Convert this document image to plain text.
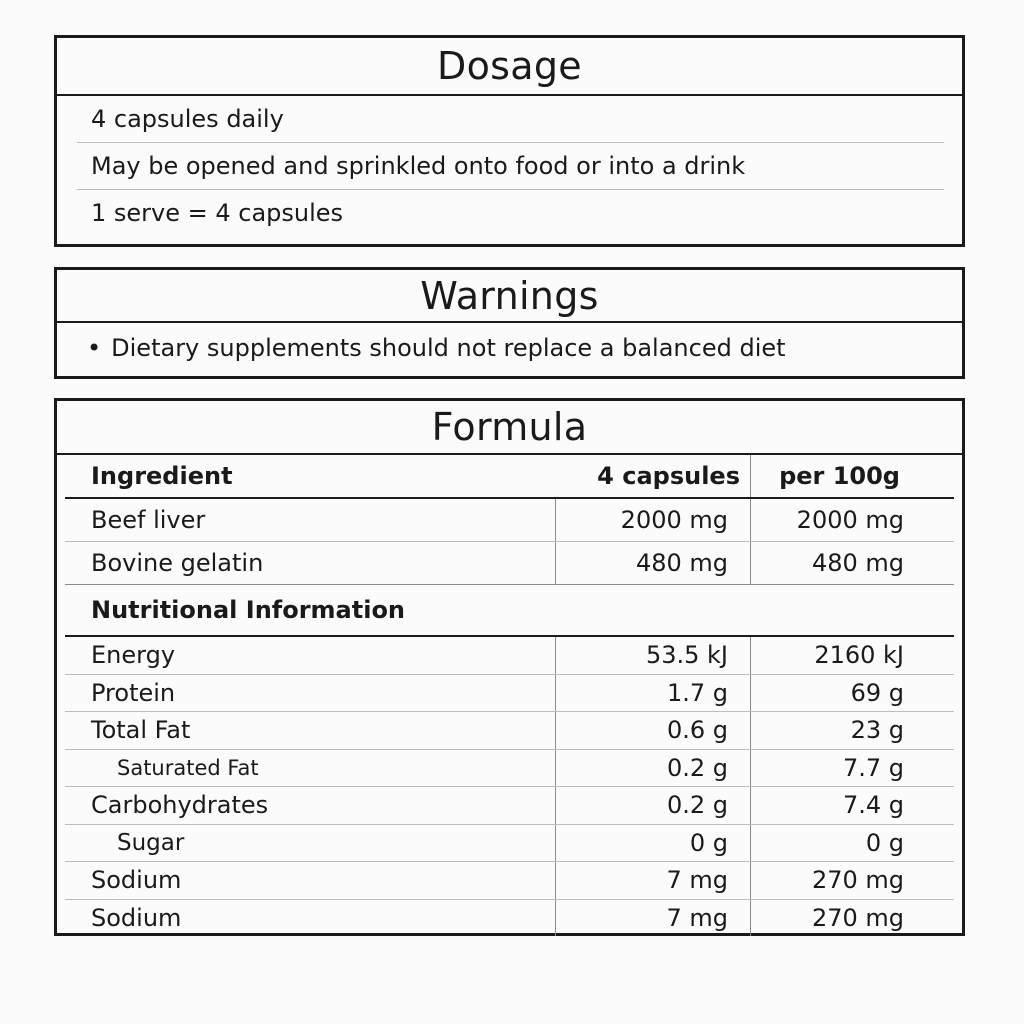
Dosage
4 capsules daily
May be opened and sprinkled onto food or into a drink
1 serve = 4 capsules
Warnings
• Dietary supplements should not replace a balanced diet
Formula
Ingredient	4 capsules	per 100g
Beef liver	2000 mg	2000 mg
Bovine gelatin	480 mg	480 mg
Nutritional Information
Energy	53.5 kJ	2160 kJ
Protein	1.7 g	69 g
Total Fat	0.6 g	23 g
Saturated Fat	0.2 g	7.7 g
Carbohydrates	0.2 g	7.4 g
Sugar	0 g	0 g
Sodium	7 mg	270 mg
Sodium	7 mg	270 mg
